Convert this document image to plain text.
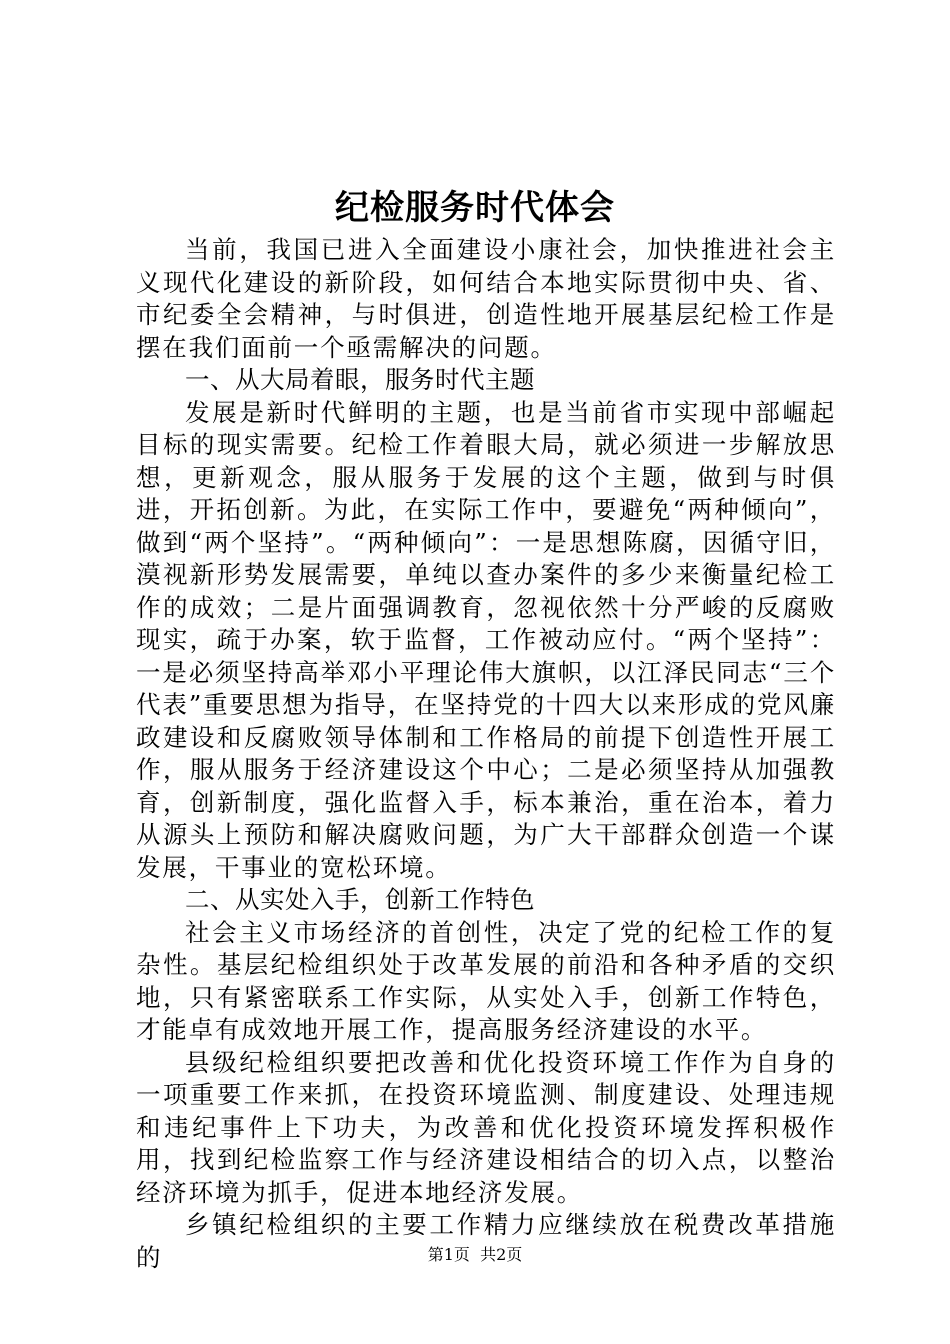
纪检服务时代体会

当前，我国已进入全面建设小康社会，加快推进社会主义现代化建设的新阶段，如何结合本地实际贯彻中央、省、市纪委全会精神，与时俱进，创造性地开展基层纪检工作是摆在我们面前一个亟需解决的问题。

一、从大局着眼，服务时代主题

发展是新时代鲜明的主题，也是当前省市实现中部崛起目标的现实需要。纪检工作着眼大局，就必须进一步解放思想，更新观念，服从服务于发展的这个主题，做到与时俱进，开拓创新。为此，在实际工作中，要避免“两种倾向”，做到“两个坚持”。“两种倾向”：一是思想陈腐，因循守旧，漠视新形势发展需要，单纯以查办案件的多少来衡量纪检工作的成效；二是片面强调教育，忽视依然十分严峻的反腐败现实，疏于办案，软于监督，工作被动应付。“两个坚持”：一是必须坚持高举邓小平理论伟大旗帜，以江泽民同志“三个代表”重要思想为指导，在坚持党的十四大以来形成的党风廉政建设和反腐败领导体制和工作格局的前提下创造性开展工作，服从服务于经济建设这个中心；二是必须坚持从加强教育，创新制度，强化监督入手，标本兼治，重在治本，着力从源头上预防和解决腐败问题，为广大干部群众创造一个谋发展，干事业的宽松环境。

二、从实处入手，创新工作特色

社会主义市场经济的首创性，决定了党的纪检工作的复杂性。基层纪检组织处于改革发展的前沿和各种矛盾的交织地，只有紧密联系工作实际，从实处入手，创新工作特色，才能卓有成效地开展工作，提高服务经济建设的水平。

县级纪检组织要把改善和优化投资环境工作作为自身的一项重要工作来抓，在投资环境监测、制度建设、处理违规和违纪事件上下功夫，为改善和优化投资环境发挥积极作用，找到纪检监察工作与经济建设相结合的切入点，以整治经济环境为抓手，促进本地经济发展。

乡镇纪检组织的主要工作精力应继续放在税费改革措施的	第1页  共2页
